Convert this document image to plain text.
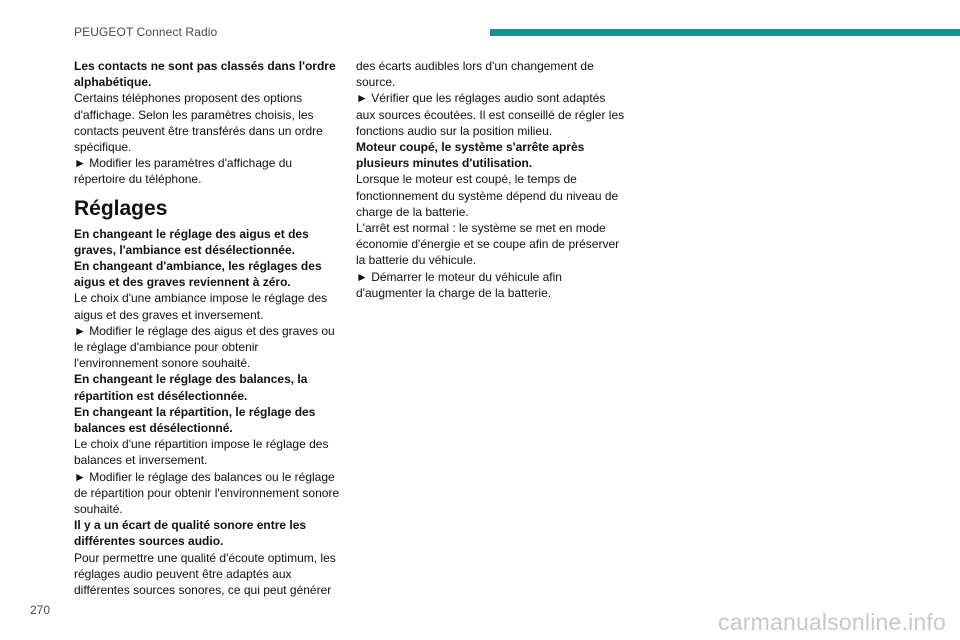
PEUGEOT Connect Radio

Les contacts ne sont pas classés dans l'ordre alphabétique.

Certains téléphones proposent des options d'affichage. Selon les paramètres choisis, les contacts peuvent être transférés dans un ordre spécifique.

► Modifier les paramètres d'affichage du répertoire du téléphone.

Réglages

En changeant le réglage des aigus et des graves, l'ambiance est désélectionnée.

En changeant d'ambiance, les réglages des aigus et des graves reviennent à zéro.

Le choix d'une ambiance impose le réglage des aigus et des graves et inversement.

► Modifier le réglage des aigus et des graves ou le réglage d'ambiance pour obtenir l'environnement sonore souhaité.

En changeant le réglage des balances, la répartition est désélectionnée.

En changeant la répartition, le réglage des balances est désélectionné.

Le choix d'une répartition impose le réglage des balances et inversement.

► Modifier le réglage des balances ou le réglage de répartition pour obtenir l'environnement sonore souhaité.

Il y a un écart de qualité sonore entre les différentes sources audio.

Pour permettre une qualité d'écoute optimum, les réglages audio peuvent être adaptés aux différentes sources sonores, ce qui peut générer

des écarts audibles lors d'un changement de source.

► Vérifier que les réglages audio sont adaptés aux sources écoutées. Il est conseillé de régler les fonctions audio sur la position milieu.

Moteur coupé, le système s'arrête après plusieurs minutes d'utilisation.

Lorsque le moteur est coupé, le temps de fonctionnement du système dépend du niveau de charge de la batterie.

L'arrêt est normal : le système se met en mode économie d'énergie et se coupe afin de préserver la batterie du véhicule.

► Démarrer le moteur du véhicule afin d'augmenter la charge de la batterie.

270	carmanualsonline.info
